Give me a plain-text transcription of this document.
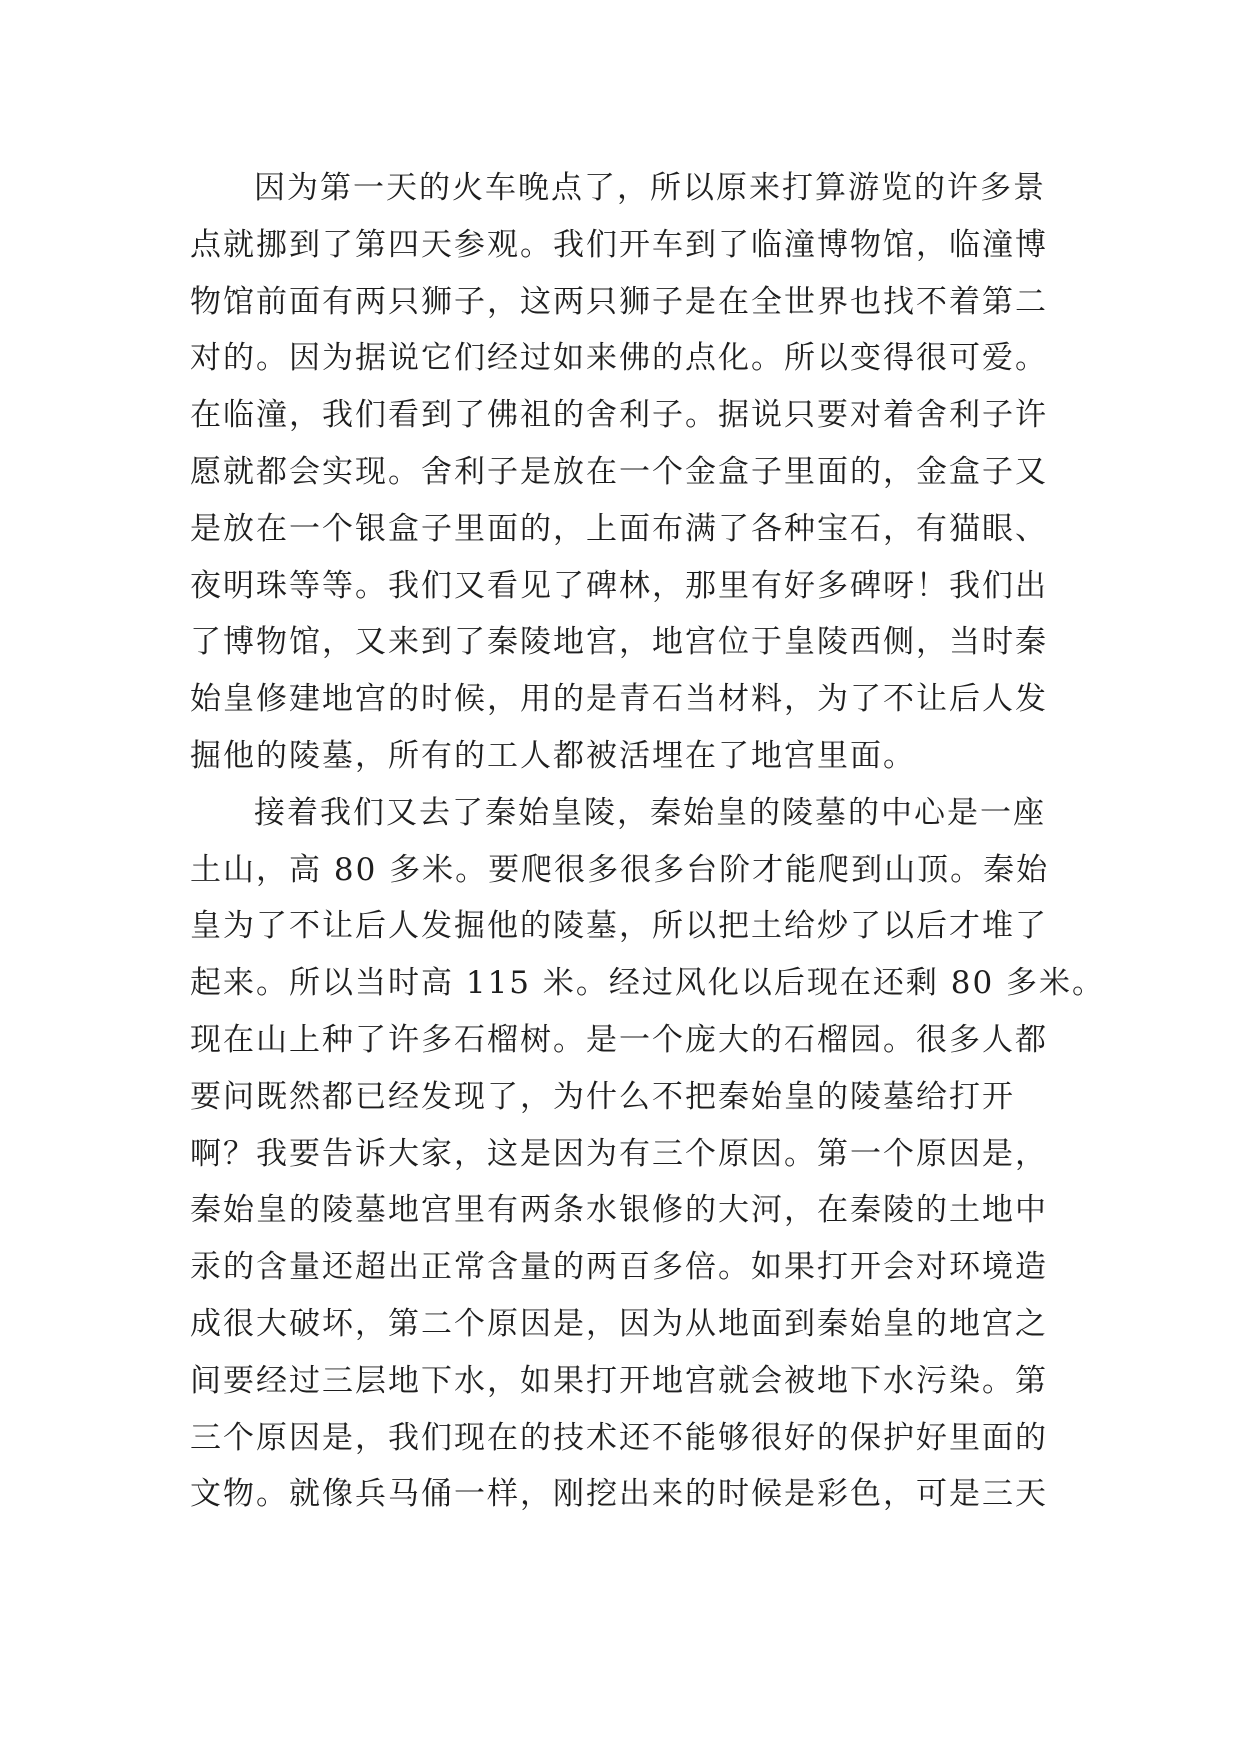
因为第一天的火车晚点了，所以原来打算游览的许多景
点就挪到了第四天参观。我们开车到了临潼博物馆，临潼博
物馆前面有两只狮子，这两只狮子是在全世界也找不着第二
对的。因为据说它们经过如来佛的点化。所以变得很可爱。
在临潼，我们看到了佛祖的舍利子。据说只要对着舍利子许
愿就都会实现。舍利子是放在一个金盒子里面的，金盒子又
是放在一个银盒子里面的，上面布满了各种宝石，有猫眼、
夜明珠等等。我们又看见了碑林，那里有好多碑呀！我们出
了博物馆，又来到了秦陵地宫，地宫位于皇陵西侧，当时秦
始皇修建地宫的时候，用的是青石当材料，为了不让后人发
掘他的陵墓，所有的工人都被活埋在了地宫里面。
接着我们又去了秦始皇陵，秦始皇的陵墓的中心是一座
土山，高 80 多米。要爬很多很多台阶才能爬到山顶。秦始
皇为了不让后人发掘他的陵墓，所以把土给炒了以后才堆了
起来。所以当时高 115 米。经过风化以后现在还剩 80 多米。
现在山上种了许多石榴树。是一个庞大的石榴园。很多人都
要问既然都已经发现了，为什么不把秦始皇的陵墓给打开
啊？我要告诉大家，这是因为有三个原因。第一个原因是，
秦始皇的陵墓地宫里有两条水银修的大河，在秦陵的土地中
汞的含量还超出正常含量的两百多倍。如果打开会对环境造
成很大破坏，第二个原因是，因为从地面到秦始皇的地宫之
间要经过三层地下水，如果打开地宫就会被地下水污染。第
三个原因是，我们现在的技术还不能够很好的保护好里面的
文物。就像兵马俑一样，刚挖出来的时候是彩色，可是三天
